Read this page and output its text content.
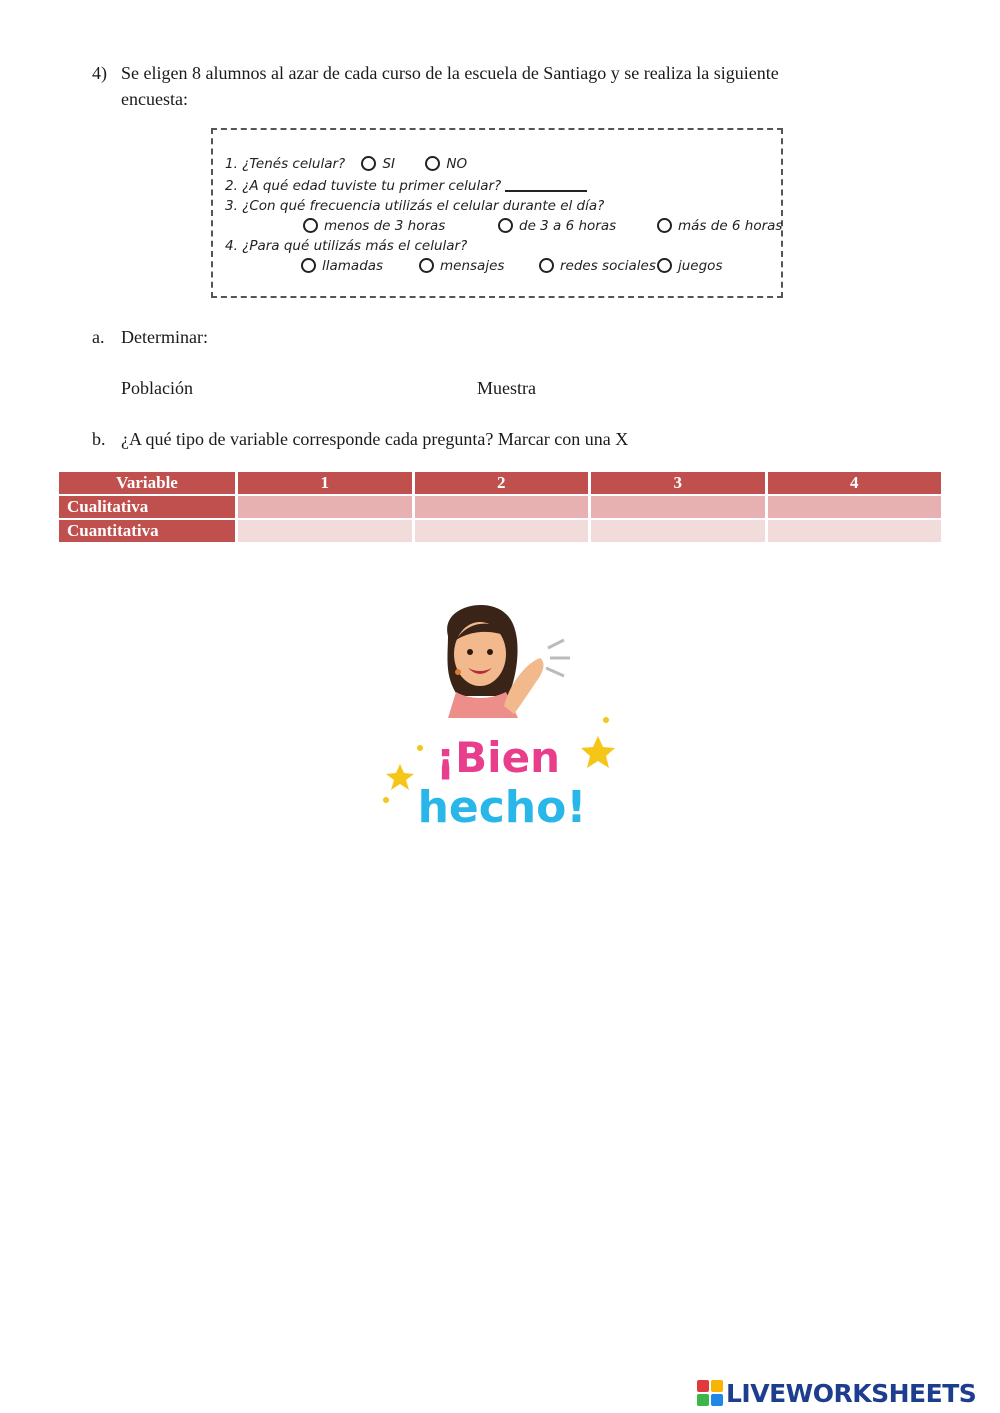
4) Se eligen 8 alumnos al azar de cada curso de la escuela de Santiago y se realiza la siguiente
encuesta:
1. ¿Tenés celular?	SI	NO
2. ¿A qué edad tuviste tu primer celular?
3. ¿Con qué frecuencia utilizás el celular durante el día?
menos de 3 horas	de 3 a 6 horas	más de 6 horas
4. ¿Para qué utilizás más el celular?
llamadas	mensajes	redes sociales	juegos
a. Determinar:
Población	Muestra
b. ¿A qué tipo de variable corresponde cada pregunta? Marcar con una X
Variable	1	2	3	4
Cualitativa				
Cuantitativa				
¡Bien
hecho!
LIVEWORKSHEETS
